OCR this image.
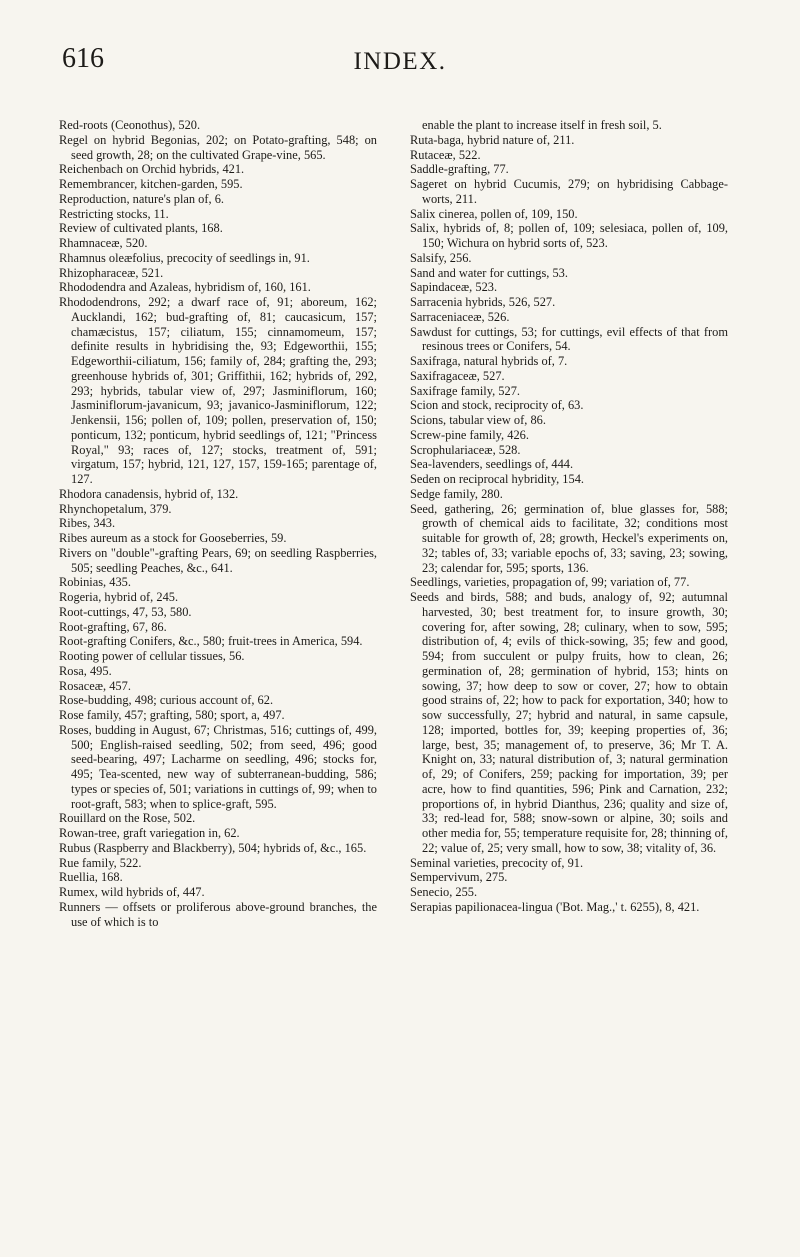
616	INDEX.

Red-roots (Ceonothus), 520.

Regel on hybrid Begonias, 202; on Potato-grafting, 548; on seed growth, 28; on the cultivated Grape-vine, 565.

Reichenbach on Orchid hybrids, 421.

Remembrancer, kitchen-garden, 595.

Reproduction, nature's plan of, 6.

Restricting stocks, 11.

Review of cultivated plants, 168.

Rhamnaceæ, 520.

Rhamnus oleæfolius, precocity of seedlings in, 91.

Rhizopharaceæ, 521.

Rhododendra and Azaleas, hybridism of, 160, 161.

Rhododendrons, 292; a dwarf race of, 91; aboreum, 162; Aucklandi, 162; bud-grafting of, 81; caucasicum, 157; chamæcistus, 157; ciliatum, 155; cinnamomeum, 157; definite results in hybridising the, 93; Edgeworthii, 155; Edgeworthii-ciliatum, 156; family of, 284; grafting the, 293; greenhouse hybrids of, 301; Griffithii, 162; hybrids of, 292, 293; hybrids, tabular view of, 297; Jasminiflorum, 160; Jasminiflorum-javanicum, 93; javanico-Jasminiflorum, 122; Jenkensii, 156; pollen of, 109; pollen, preservation of, 150; ponticum, 132; ponticum, hybrid seedlings of, 121; "Princess Royal," 93; races of, 127; stocks, treatment of, 591; virgatum, 157; hybrid, 121, 127, 157, 159-165; parentage of, 127.

Rhodora canadensis, hybrid of, 132.

Rhynchopetalum, 379.

Ribes, 343.

Ribes aureum as a stock for Gooseberries, 59.

Rivers on "double"-grafting Pears, 69; on seedling Raspberries, 505; seedling Peaches, &c., 641.

Robinias, 435.

Rogeria, hybrid of, 245.

Root-cuttings, 47, 53, 580.

Root-grafting, 67, 86.

Root-grafting Conifers, &c., 580; fruit-trees in America, 594.

Rooting power of cellular tissues, 56.

Rosa, 495.

Rosaceæ, 457.

Rose-budding, 498; curious account of, 62.

Rose family, 457; grafting, 580; sport, a, 497.

Roses, budding in August, 67; Christmas, 516; cuttings of, 499, 500; English-raised seedling, 502; from seed, 496; good seed-bearing, 497; Lacharme on seedling, 496; stocks for, 495; Tea-scented, new way of subterranean-budding, 586; types or species of, 501; variations in cuttings of, 99; when to root-graft, 583; when to splice-graft, 595.

Rouillard on the Rose, 502.

Rowan-tree, graft variegation in, 62.

Rubus (Raspberry and Blackberry), 504; hybrids of, &c., 165.

Rue family, 522.

Ruellia, 168.

Rumex, wild hybrids of, 447.

Runners — offsets or proliferous above-ground branches, the use of which is to

enable the plant to increase itself in fresh soil, 5.

Ruta-baga, hybrid nature of, 211.

Rutaceæ, 522.

Saddle-grafting, 77.

Sageret on hybrid Cucumis, 279; on hybridising Cabbage-worts, 211.

Salix cinerea, pollen of, 109, 150.

Salix, hybrids of, 8; pollen of, 109; selesiaca, pollen of, 109, 150; Wichura on hybrid sorts of, 523.

Salsify, 256.

Sand and water for cuttings, 53.

Sapindaceæ, 523.

Sarracenia hybrids, 526, 527.

Sarraceniaceæ, 526.

Sawdust for cuttings, 53; for cuttings, evil effects of that from resinous trees or Conifers, 54.

Saxifraga, natural hybrids of, 7.

Saxifragaceæ, 527.

Saxifrage family, 527.

Scion and stock, reciprocity of, 63.

Scions, tabular view of, 86.

Screw-pine family, 426.

Scrophulariaceæ, 528.

Sea-lavenders, seedlings of, 444.

Seden on reciprocal hybridity, 154.

Sedge family, 280.

Seed, gathering, 26; germination of, blue glasses for, 588; growth of chemical aids to facilitate, 32; conditions most suitable for growth of, 28; growth, Heckel's experiments on, 32; tables of, 33; variable epochs of, 33; saving, 23; sowing, 23; calendar for, 595; sports, 136.

Seedlings, varieties, propagation of, 99; variation of, 77.

Seeds and birds, 588; and buds, analogy of, 92; autumnal harvested, 30; best treatment for, to insure growth, 30; covering for, after sowing, 28; culinary, when to sow, 595; distribution of, 4; evils of thick-sowing, 35; few and good, 594; from succulent or pulpy fruits, how to clean, 26; germination of, 28; germination of hybrid, 153; hints on sowing, 37; how deep to sow or cover, 27; how to obtain good strains of, 22; how to pack for exportation, 340; how to sow successfully, 27; hybrid and natural, in same capsule, 128; imported, bottles for, 39; keeping properties of, 36; large, best, 35; management of, to preserve, 36; Mr T. A. Knight on, 33; natural distribution of, 3; natural germination of, 29; of Conifers, 259; packing for importation, 39; per acre, how to find quantities, 596; Pink and Carnation, 232; proportions of, in hybrid Dianthus, 236; quality and size of, 33; red-lead for, 588; snow-sown or alpine, 30; soils and other media for, 55; temperature requisite for, 28; thinning of, 22; value of, 25; very small, how to sow, 38; vitality of, 36.

Seminal varieties, precocity of, 91.

Sempervivum, 275.

Senecio, 255.

Serapias papilionacea-lingua ('Bot. Mag.,' t. 6255), 8, 421.
